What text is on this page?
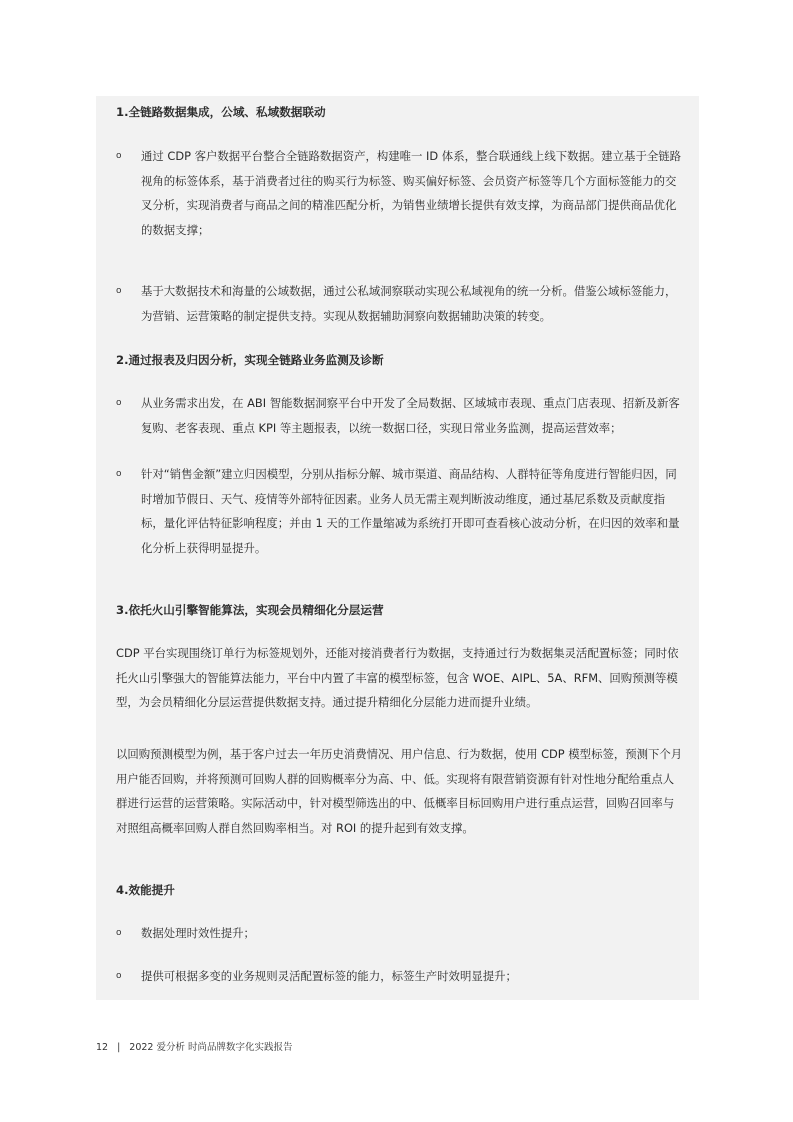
1.全链路数据集成，公域、私域数据联动

o 通过 CDP 客户数据平台整合全链路数据资产，构建唯一 ID 体系，整合联通线上线下数据。建立基于全链路视角的标签体系，基于消费者过往的购买行为标签、购买偏好标签、会员资产标签等几个方面标签能力的交叉分析，实现消费者与商品之间的精准匹配分析，为销售业绩增长提供有效支撑，为商品部门提供商品优化的数据支撑；
o 基于大数据技术和海量的公域数据，通过公私域洞察联动实现公私域视角的统一分析。借鉴公域标签能力，为营销、运营策略的制定提供支持。实现从数据辅助洞察向数据辅助决策的转变。

2.通过报表及归因分析，实现全链路业务监测及诊断

o 从业务需求出发，在 ABI 智能数据洞察平台中开发了全局数据、区域城市表现、重点门店表现、招新及新客复购、老客表现、重点 KPI 等主题报表，以统一数据口径，实现日常业务监测，提高运营效率；
o 针对“销售金额”建立归因模型，分别从指标分解、城市渠道、商品结构、人群特征等角度进行智能归因，同时增加节假日、天气、疫情等外部特征因素。业务人员无需主观判断波动维度，通过基尼系数及贡献度指标，量化评估特征影响程度；并由 1 天的工作量缩减为系统打开即可查看核心波动分析，在归因的效率和量化分析上获得明显提升。

3.依托火山引擎智能算法，实现会员精细化分层运营

CDP 平台实现围绕订单行为标签规划外，还能对接消费者行为数据，支持通过行为数据集灵活配置标签；同时依托火山引擎强大的智能算法能力，平台中内置了丰富的模型标签，包含 WOE、AIPL、5A、RFM、回购预测等模型，为会员精细化分层运营提供数据支持。通过提升精细化分层能力进而提升业绩。

以回购预测模型为例，基于客户过去一年历史消费情况、用户信息、行为数据，使用 CDP 模型标签，预测下个月用户能否回购，并将预测可回购人群的回购概率分为高、中、低。实现将有限营销资源有针对性地分配给重点人群进行运营的运营策略。实际活动中，针对模型筛选出的中、低概率目标回购用户进行重点运营，回购召回率与对照组高概率回购人群自然回购率相当。对 ROI 的提升起到有效支撑。

4.效能提升

o 数据处理时效性提升；
o 提供可根据多变的业务规则灵活配置标签的能力，标签生产时效明显提升；
12 | 2022 爱分析 时尚品牌数字化实践报告
